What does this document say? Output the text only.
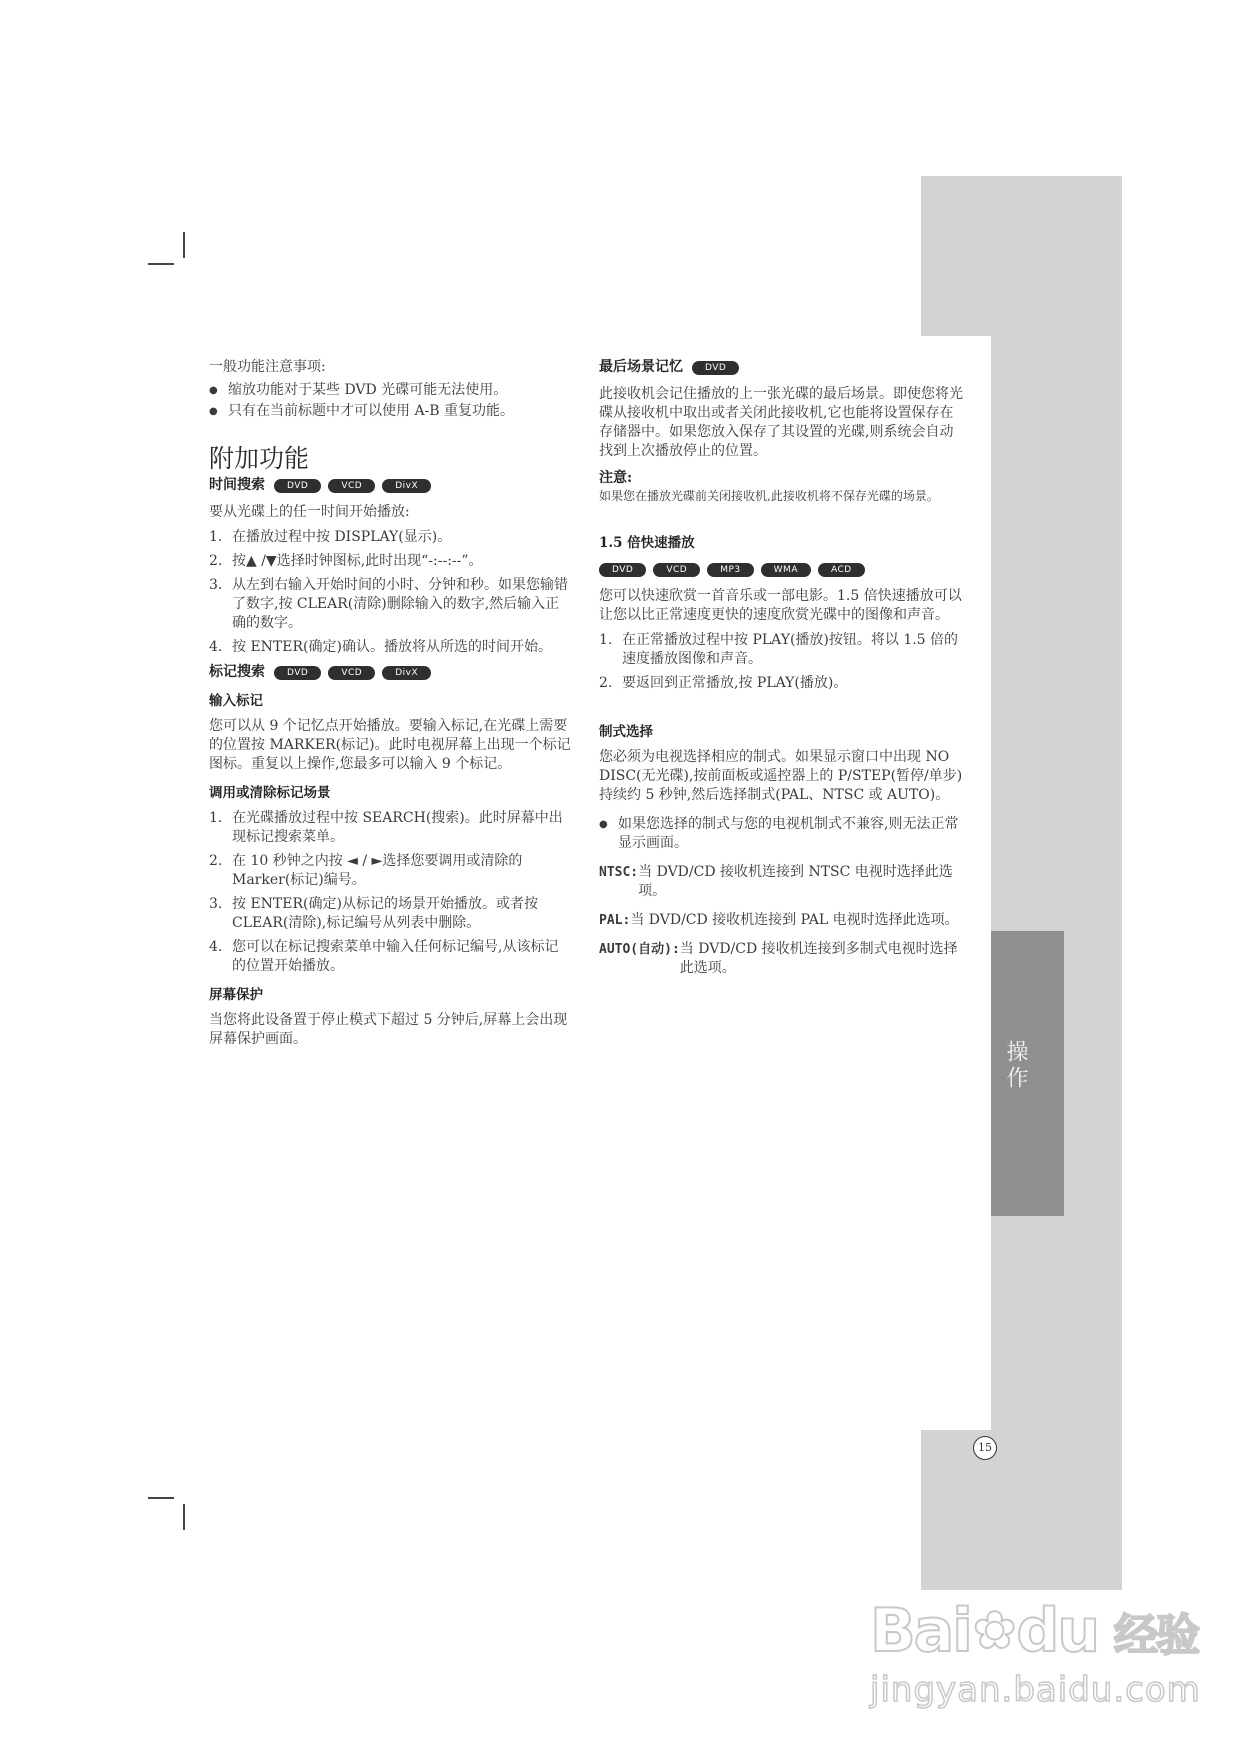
操作
15

一般功能注意事项:

● 缩放功能对于某些 DVD 光碟可能无法使用。
● 只有在当前标题中才可以使用 A-B 重复功能。
附加功能
时间搜索	DVD	VCD	DivX

要从光碟上的任一时间开始播放:

1. 在播放过程中按 DISPLAY(显示)。
2. 按▲ /▼选择时钟图标,此时出现“-:--:--”。
3. 从左到右输入开始时间的小时、分钟和秒。如果您输错了数字,按 CLEAR(清除)删除输入的数字,然后输入正确的数字。
4. 按 ENTER(确定)确认。播放将从所选的时间开始。
标记搜索	DVD	VCD	DivX
输入标记

您可以从 9 个记忆点开始播放。要输入标记,在光碟上需要的位置按 MARKER(标记)。此时电视屏幕上出现一个标记图标。重复以上操作,您最多可以输入 9 个标记。

调用或清除标记场景
1. 在光碟播放过程中按 SEARCH(搜索)。此时屏幕中出现标记搜索菜单。
2. 在 10 秒钟之内按 ◄ / ►选择您要调用或清除的 Marker(标记)编号。
3. 按 ENTER(确定)从标记的场景开始播放。或者按 CLEAR(清除),标记编号从列表中删除。
4. 您可以在标记搜索菜单中输入任何标记编号,从该标记的位置开始播放。
屏幕保护

当您将此设备置于停止模式下超过 5 分钟后,屏幕上会出现屏幕保护画面。

最后场景记忆	DVD

此接收机会记住播放的上一张光碟的最后场景。即使您将光碟从接收机中取出或者关闭此接收机,它也能将设置保存在存储器中。如果您放入保存了其设置的光碟,则系统会自动找到上次播放停止的位置。

注意:

如果您在播放光碟前关闭接收机,此接收机将不保存光碟的场景。

1.5 倍快速播放
DVD	VCD	MP3	WMA	ACD

您可以快速欣赏一首音乐或一部电影。1.5 倍快速播放可以让您以比正常速度更快的速度欣赏光碟中的图像和声音。

1. 在正常播放过程中按 PLAY(播放)按钮。将以 1.5 倍的速度播放图像和声音。
2. 要返回到正常播放,按 PLAY(播放)。
制式选择

您必须为电视选择相应的制式。如果显示窗口中出现 NO DISC(无光碟),按前面板或遥控器上的 P/STEP(暂停/单步)持续约 5 秒钟,然后选择制式(PAL、NTSC 或 AUTO)。

● 如果您选择的制式与您的电视机制式不兼容,则无法正常显示画面。
NTSC: 当 DVD/CD 接收机连接到 NTSC 电视时选择此选项。
PAL: 当 DVD/CD 接收机连接到 PAL 电视时选择此选项。
AUTO(自动): 当 DVD/CD 接收机连接到多制式电视时选择此选项。
Bai ✿ du 经验
jingyan.baidu.com
